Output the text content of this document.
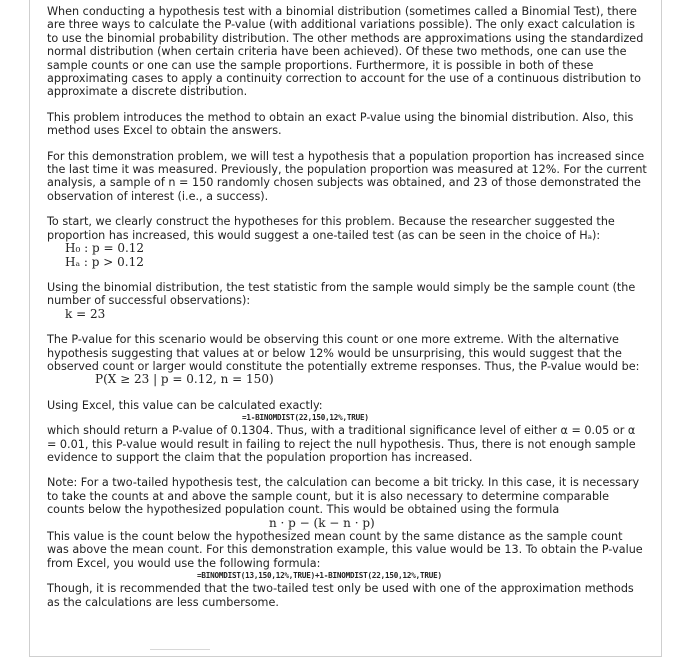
When conducting a hypothesis test with a binomial distribution (sometimes called a Binomial Test), there are three ways to calculate the P-value (with additional variations possible). The only exact calculation is to use the binomial probability distribution. The other methods are approximations using the standardized normal distribution (when certain criteria have been achieved). Of these two methods, one can use the sample counts or one can use the sample proportions. Furthermore, it is possible in both of these approximating cases to apply a continuity correction to account for the use of a continuous distribution to approximate a discrete distribution.

This problem introduces the method to obtain an exact P-value using the binomial distribution. Also, this method uses Excel to obtain the answers.

For this demonstration problem, we will test a hypothesis that a population proportion has increased since the last time it was measured. Previously, the population proportion was measured at 12%. For the current analysis, a sample of n = 150 randomly chosen subjects was obtained, and 23 of those demonstrated the observation of interest (i.e., a success).

To start, we clearly construct the hypotheses for this problem. Because the researcher suggested the proportion has increased, this would suggest a one-tailed test (as can be seen in the choice of Hₐ):

H₀ : p = 0.12
Hₐ : p > 0.12

Using the binomial distribution, the test statistic from the sample would simply be the sample count (the number of successful observations):

k = 23

The P-value for this scenario would be observing this count or one more extreme. With the alternative hypothesis suggesting that values at or below 12% would be unsurprising, this would suggest that the observed count or larger would constitute the potentially extreme responses. Thus, the P-value would be:

P(X ≥ 23 | p = 0.12, n = 150)

Using Excel, this value can be calculated exactly:

=1-BINOMDIST(22,150,12%,TRUE)

which should return a P-value of 0.1304. Thus, with a traditional significance level of either α = 0.05 or α = 0.01, this P-value would result in failing to reject the null hypothesis. Thus, there is not enough sample evidence to support the claim that the population proportion has increased.

Note: For a two-tailed hypothesis test, the calculation can become a bit tricky. In this case, it is necessary to take the counts at and above the sample count, but it is also necessary to determine comparable counts below the hypothesized population count. This would be obtained using the formula

n · p − (k − n · p)

This value is the count below the hypothesized mean count by the same distance as the sample count was above the mean count. For this demonstration example, this value would be 13. To obtain the P-value from Excel, you would use the following formula:

=BINOMDIST(13,150,12%,TRUE)+1-BINOMDIST(22,150,12%,TRUE)

Though, it is recommended that the two-tailed test only be used with one of the approximation methods as the calculations are less cumbersome.
